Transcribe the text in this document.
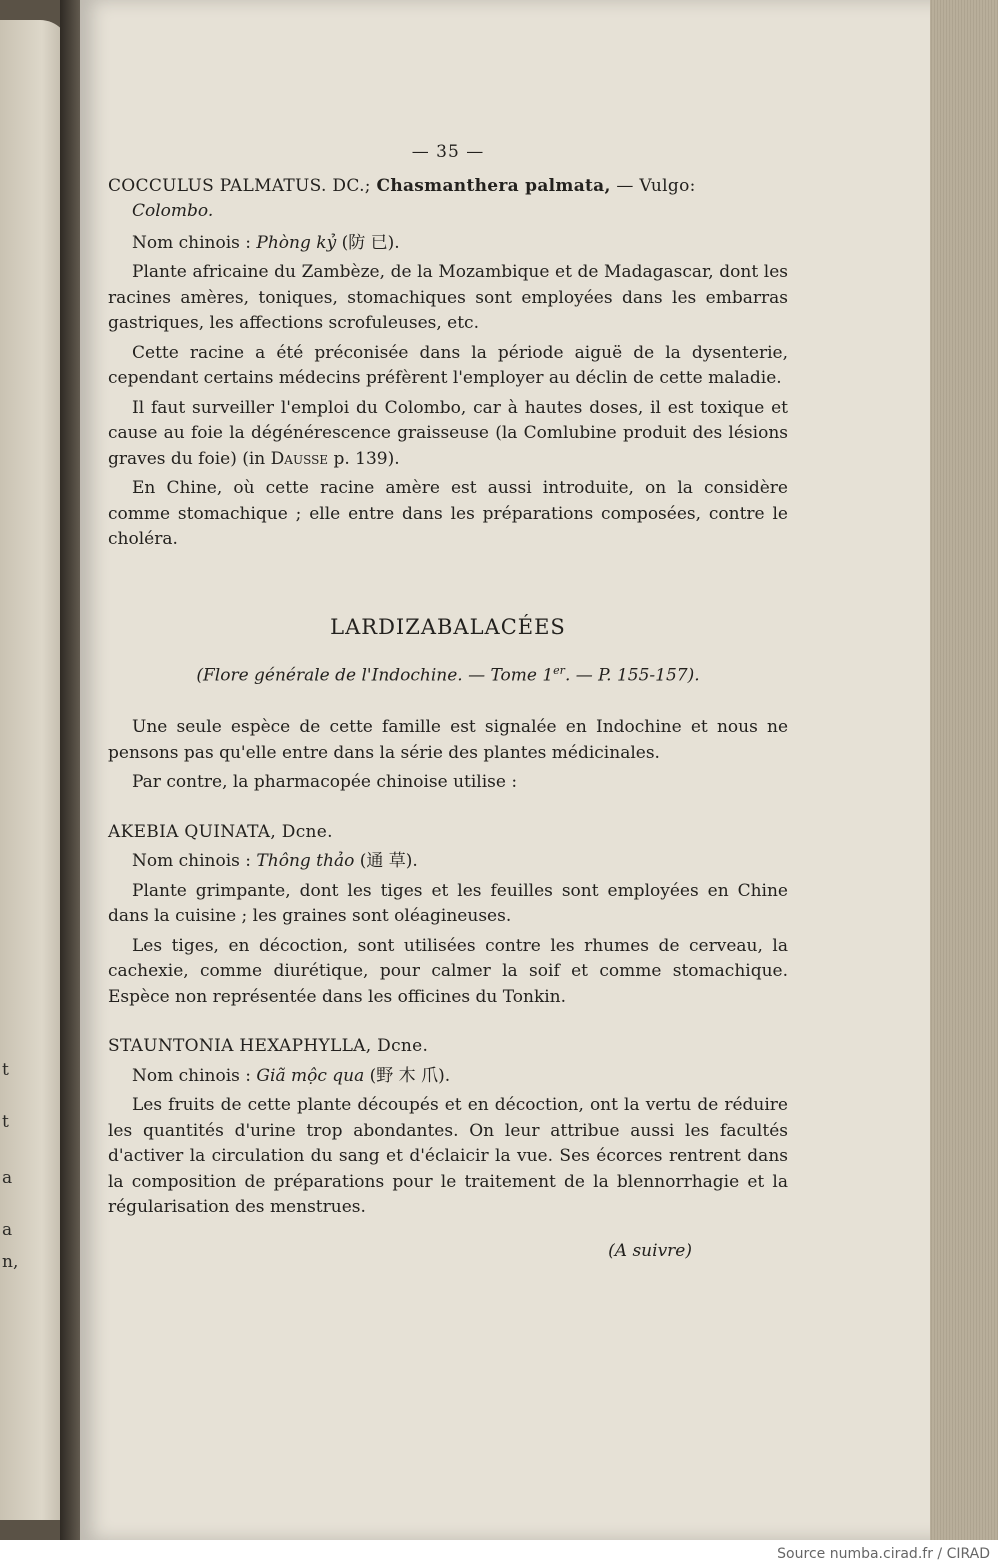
t
t
a
a
n,
— 35 —
COCCULUS PALMATUS. DC.; Chasmanthera palmata, — Vulgo:
Colombo.
Nom chinois : Phòng kỷ (防 已).

Plante africaine du Zambèze, de la Mozambique et de Madagascar, dont les racines amères, toniques, stomachiques sont employées dans les embarras gastriques, les affections scrofuleuses, etc.

Cette racine a été préconisée dans la période aiguë de la dysenterie, cependant certains médecins préfèrent l'employer au déclin de cette maladie.

Il faut surveiller l'emploi du Colombo, car à hautes doses, il est toxique et cause au foie la dégénérescence graisseuse (la Comlubine produit des lésions graves du foie) (in Dausse p. 139).

En Chine, où cette racine amère est aussi introduite, on la considère comme stomachique ; elle entre dans les préparations composées, contre le choléra.

LARDIZABALACÉES
(Flore générale de l'Indochine. — Tome 1er. — P. 155-157).

Une seule espèce de cette famille est signalée en Indochine et nous ne pensons pas qu'elle entre dans la série des plantes médicinales.

Par contre, la pharmacopée chinoise utilise :

AKEBIA QUINATA, Dcne.
Nom chinois : Thông thảo (通 草).

Plante grimpante, dont les tiges et les feuilles sont employées en Chine dans la cuisine ; les graines sont oléagineuses.

Les tiges, en décoction, sont utilisées contre les rhumes de cerveau, la cachexie, comme diurétique, pour calmer la soif et comme stomachique. Espèce non représentée dans les officines du Tonkin.

STAUNTONIA HEXAPHYLLA, Dcne.
Nom chinois : Giã mộc qua (野 木 爪).

Les fruits de cette plante découpés et en décoction, ont la vertu de réduire les quantités d'urine trop abondantes. On leur attribue aussi les facultés d'activer la circulation du sang et d'éclaicir la vue. Ses écorces rentrent dans la composition de préparations pour le traitement de la blennorrhagie et la régularisation des menstrues.

(A suivre)
Source numba.cirad.fr / CIRAD
